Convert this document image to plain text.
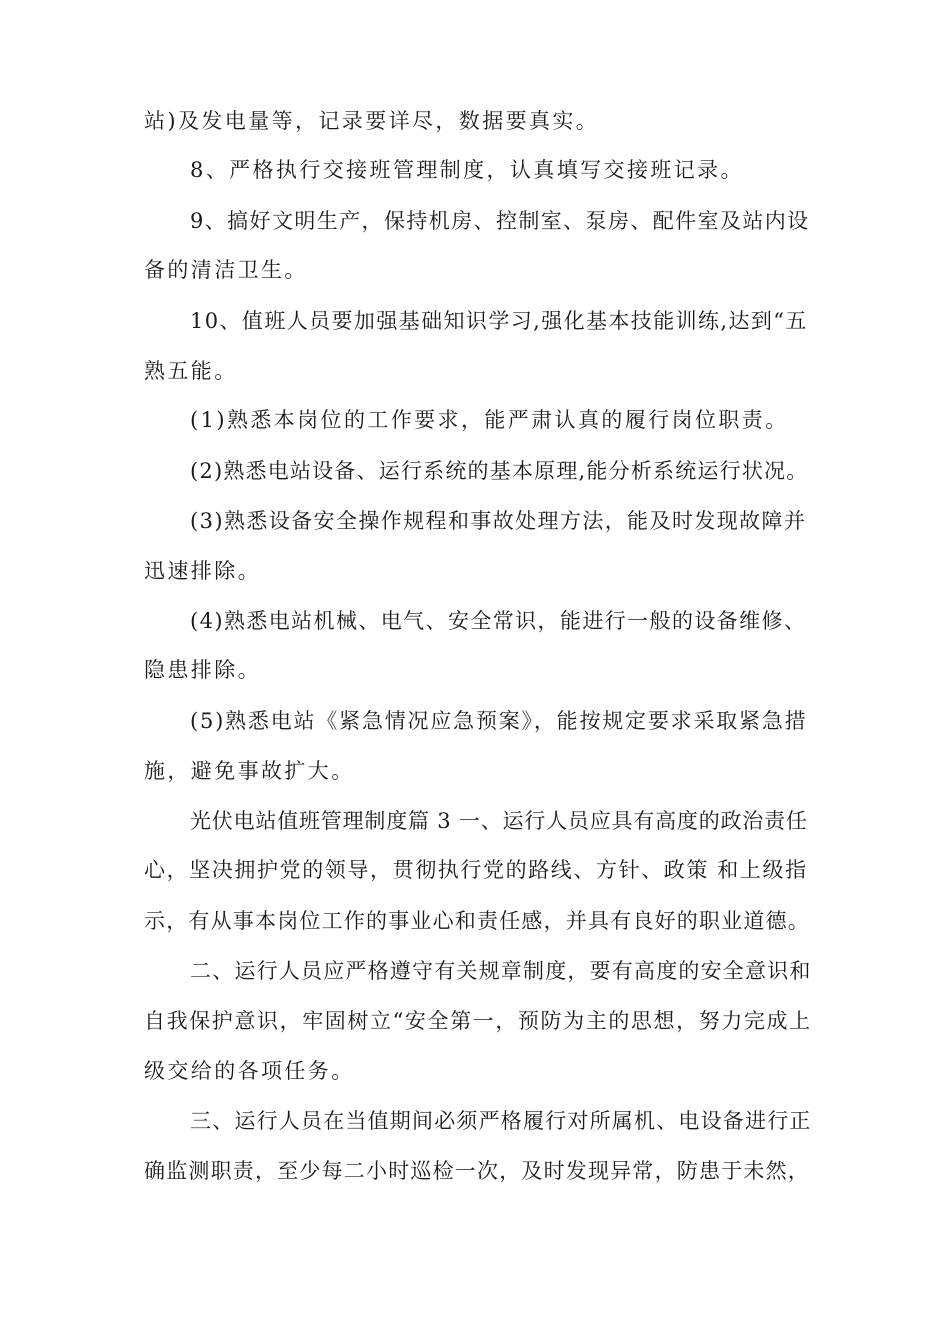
站)及发电量等，记录要详尽，数据要真实。
8、严格执行交接班管理制度，认真填写交接班记录。
9、搞好文明生产，保持机房、控制室、泵房、配件室及站内设
备的清洁卫生。
10、值班人员要加强基础知识学习,强化基本技能训练,达到“五
熟五能。
(1)熟悉本岗位的工作要求，能严肃认真的履行岗位职责。
(2)熟悉电站设备、运行系统的基本原理,能分析系统运行状况。
(3)熟悉设备安全操作规程和事故处理方法，能及时发现故障并
迅速排除。
(4)熟悉电站机械、电气、安全常识，能进行一般的设备维修、
隐患排除。
(5)熟悉电站《紧急情况应急预案》，能按规定要求采取紧急措
施，避免事故扩大。
光伏电站值班管理制度篇 3 一、运行人员应具有高度的政治责任
心，坚决拥护党的领导，贯彻执行党的路线、方针、政策 和上级指
示，有从事本岗位工作的事业心和责任感，并具有良好的职业道德。
二、运行人员应严格遵守有关规章制度，要有高度的安全意识和
自我保护意识，牢固树立“安全第一，预防为主的思想，努力完成上
级交给的各项任务。
三、运行人员在当值期间必须严格履行对所属机、电设备进行正
确监测职责，至少每二小时巡检一次，及时发现异常，防患于未然，
